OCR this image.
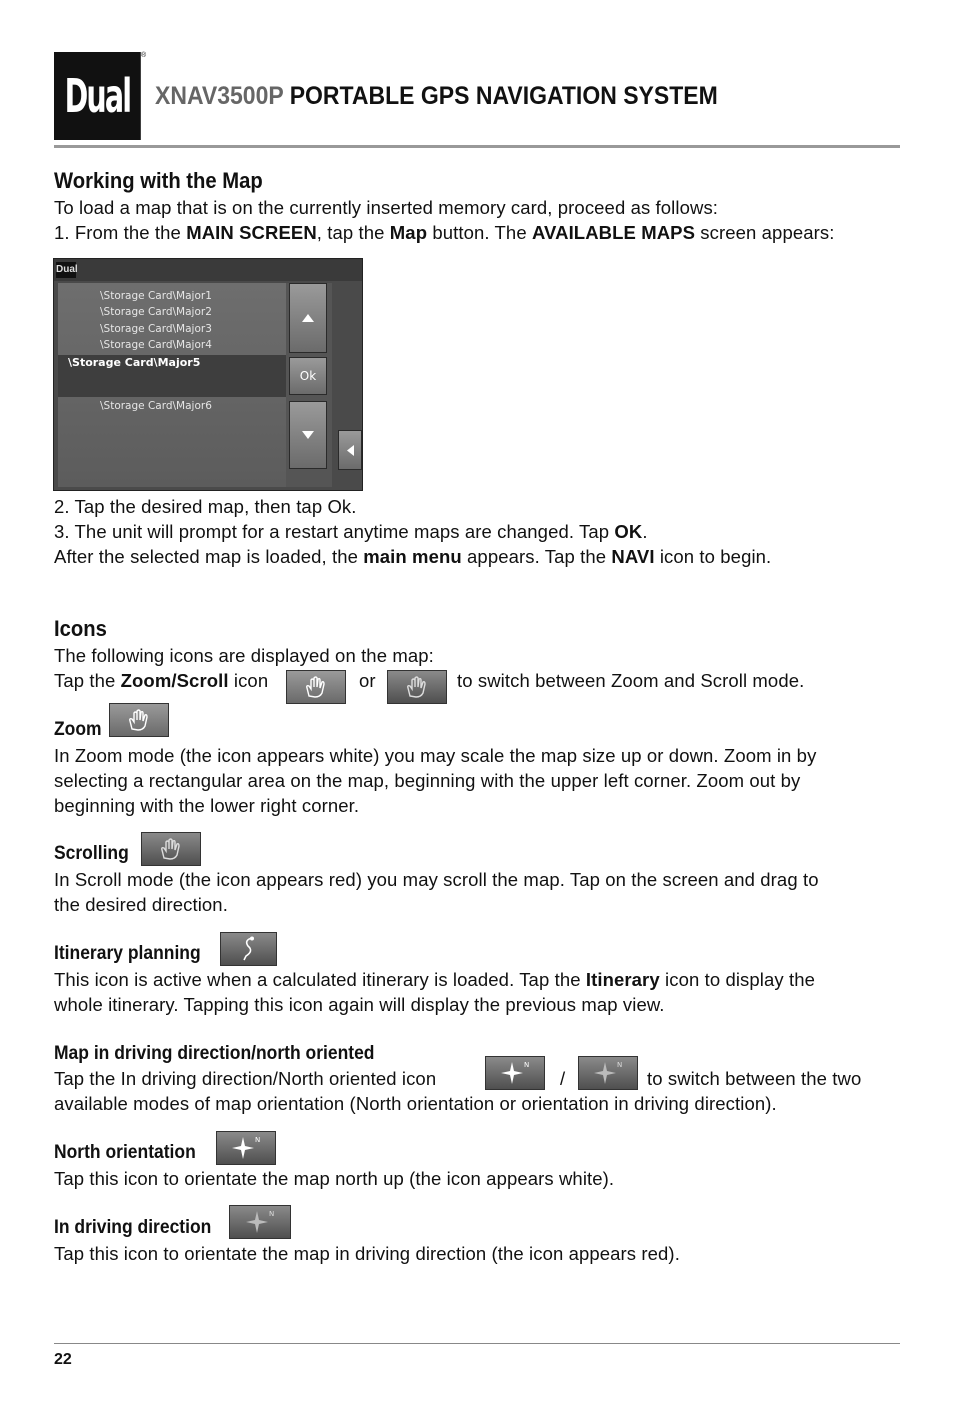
Dual
®
XNAV3500P PORTABLE GPS NAVIGATION SYSTEM
Working with the Map
To load a map that is on the currently inserted memory card, proceed as follows:
1. From the the MAIN SCREEN, tap the Map button. The AVAILABLE MAPS screen appears:
Dual
\Storage Card\Major1
\Storage Card\Major2
\Storage Card\Major3
\Storage Card\Major4
\Storage Card\Major5
\Storage Card\Major6
Ok
2. Tap the desired map, then tap Ok.
3. The unit will prompt for a restart anytime maps are changed. Tap OK.
After the selected map is loaded, the main menu appears. Tap the NAVI icon to begin.
Icons
The following icons are displayed on the map:
Tap the Zoom/Scroll icon	or	to switch between Zoom and Scroll mode.
Zoom
In Zoom mode (the icon appears white) you may scale the map size up or down. Zoom in by
selecting a rectangular area on the map, beginning with the upper left corner. Zoom out by
beginning with the lower right corner.
Scrolling
In Scroll mode (the icon appears red) you may scroll the map. Tap on the screen and drag to
the desired direction.
Itinerary planning
This icon is active when a calculated itinerary is loaded. Tap the Itinerary icon to display the
whole itinerary. Tapping this icon again will display the previous map view.
Map in driving direction/north oriented
Tap the In driving direction/North oriented icon
N
/
N
to switch between the two
available modes of map orientation (North orientation or orientation in driving direction).
North orientation
N
Tap this icon to orientate the map north up (the icon appears white).
In driving direction
N
Tap this icon to orientate the map in driving direction (the icon appears red).
22
